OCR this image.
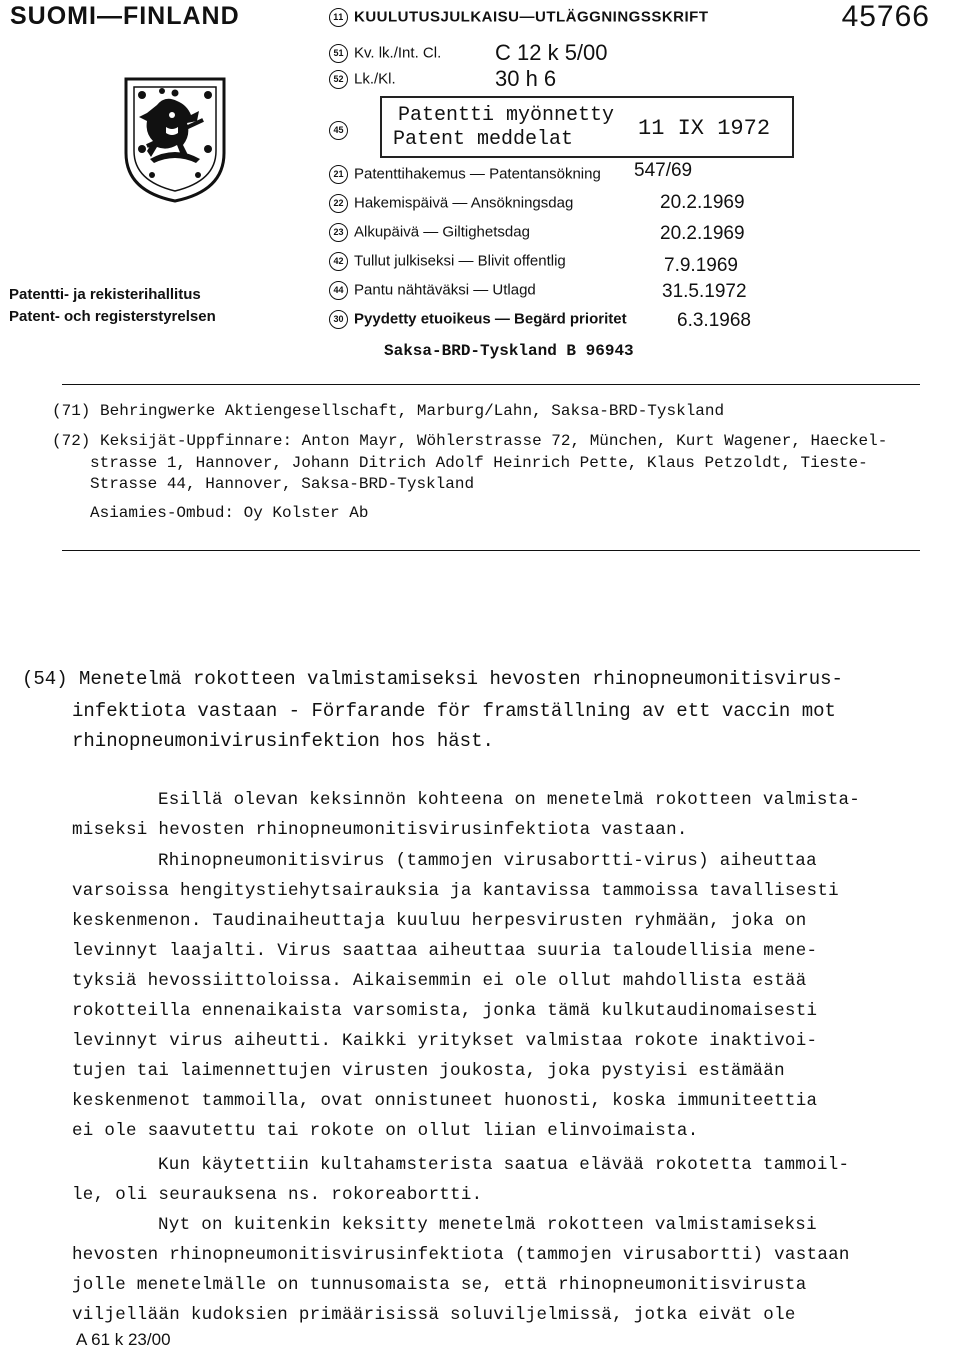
SUOMI—FINLAND	11 KUULUTUSJULKAISU—UTLÄGGNINGSSKRIFT	45766
Patentti- ja rekisterihallitus
Patent- och registerstyrelsen
51 Kv. lk./Int. Cl. C 12 k 5/00
52 Lk./Kl.	30 h 6
45
Patentti myönnetty
Patent meddelat	11 IX 1972
21 Patenttihakemus — Patentansökning 547/69
22 Hakemispäivä — Ansökningsdag	20.2.1969
23 Alkupäivä — Giltighetsdag	20.2.1969
42 Tullut julkiseksi — Blivit offentlig	7.9.1969
44 Pantu nähtäväksi — Utlagd	31.5.1972
30 Pyydetty etuoikeus — Begärd prioritet	6.3.1968
Saksa-BRD-Tyskland B 96943
(71) Behringwerke Aktiengesellschaft, Marburg/Lahn, Saksa-BRD-Tyskland
(72) Keksijät-Uppfinnare: Anton Mayr, Wöhlerstrasse 72, München, Kurt Wagener, Haeckel-
strasse 1, Hannover, Johann Ditrich Adolf Heinrich Pette, Klaus Petzoldt, Tieste-
Strasse 44, Hannover, Saksa-BRD-Tyskland
Asiamies-Ombud: Oy Kolster Ab
(54) Menetelmä rokotteen valmistamiseksi hevosten rhinopneumonitisvirus-
infektiota vastaan - Förfarande för framställning av ett vaccin mot
rhinopneumonivirusinfektion hos häst.
Esillä olevan keksinnön kohteena on menetelmä rokotteen valmista-
miseksi hevosten rhinopneumonitisvirusinfektiota vastaan.
Rhinopneumonitisvirus (tammojen virusabortti-virus) aiheuttaa
varsoissa hengitystiehytsairauksia ja kantavissa tammoissa tavallisesti
keskenmenon. Taudinaiheuttaja kuuluu herpesvirusten ryhmään, joka on
levinnyt laajalti. Virus saattaa aiheuttaa suuria taloudellisia mene-
tyksiä hevossiittoloissa. Aikaisemmin ei ole ollut mahdollista estää
rokotteilla ennenaikaista varsomista, jonka tämä kulkutaudinomaisesti
levinnyt virus aiheutti. Kaikki yritykset valmistaa rokote inaktivoi-
tujen tai laimennettujen virusten joukosta, joka pystyisi estämään
keskenmenot tammoilla, ovat onnistuneet huonosti, koska immuniteettia
ei ole saavutettu tai rokote on ollut liian elinvoimaista.
Kun käytettiin kultahamsterista saatua elävää rokotetta tammoil-
le, oli seurauksena ns. rokoreabortti.
Nyt on kuitenkin keksitty menetelmä rokotteen valmistamiseksi
hevosten rhinopneumonitisvirusinfektiota (tammojen virusabortti) vastaan
jolle menetelmälle on tunnusomaista se, että rhinopneumonitisvirusta
viljellään kudoksien primäärisissä soluviljelmissä, jotka eivät ole
A 61 k 23/00
